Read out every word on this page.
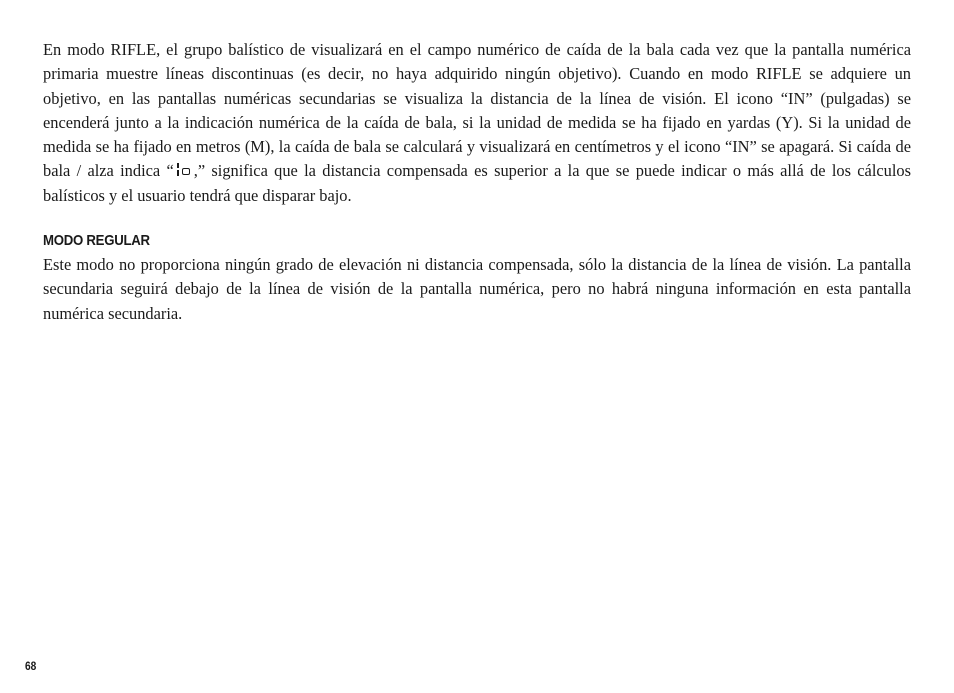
En modo RIFLE, el grupo balístico de visualizará en el campo numérico de caída de la bala cada vez que la pantalla numérica primaria muestre líneas discontinuas (es decir, no haya adquirido ningún objetivo). Cuando en modo RIFLE se adquiere un objetivo, en las pantallas numéricas secundarias se visualiza la distancia de la línea de visión. El icono “IN” (pulgadas) se encenderá junto a la indicación numérica de la caída de bala, si la unidad de medida se ha fijado en yardas (Y). Si la unidad de medida se ha fijado en metros (M), la caída de bala se calculará y visualizará en centímetros y el icono “IN” se apagará. Si caída de bala / alza indica “ ,” significa que la distancia compensada es superior a la que se puede indicar o más allá de los cálculos balísticos y el usuario tendrá que disparar bajo.

MODO REGULAR

Este modo no proporciona ningún grado de elevación ni distancia compensada, sólo la distancia de la línea de visión. La pantalla secundaria seguirá debajo de la línea de visión de la pantalla numérica, pero no habrá ninguna información en esta pantalla numérica secundaria.

68
